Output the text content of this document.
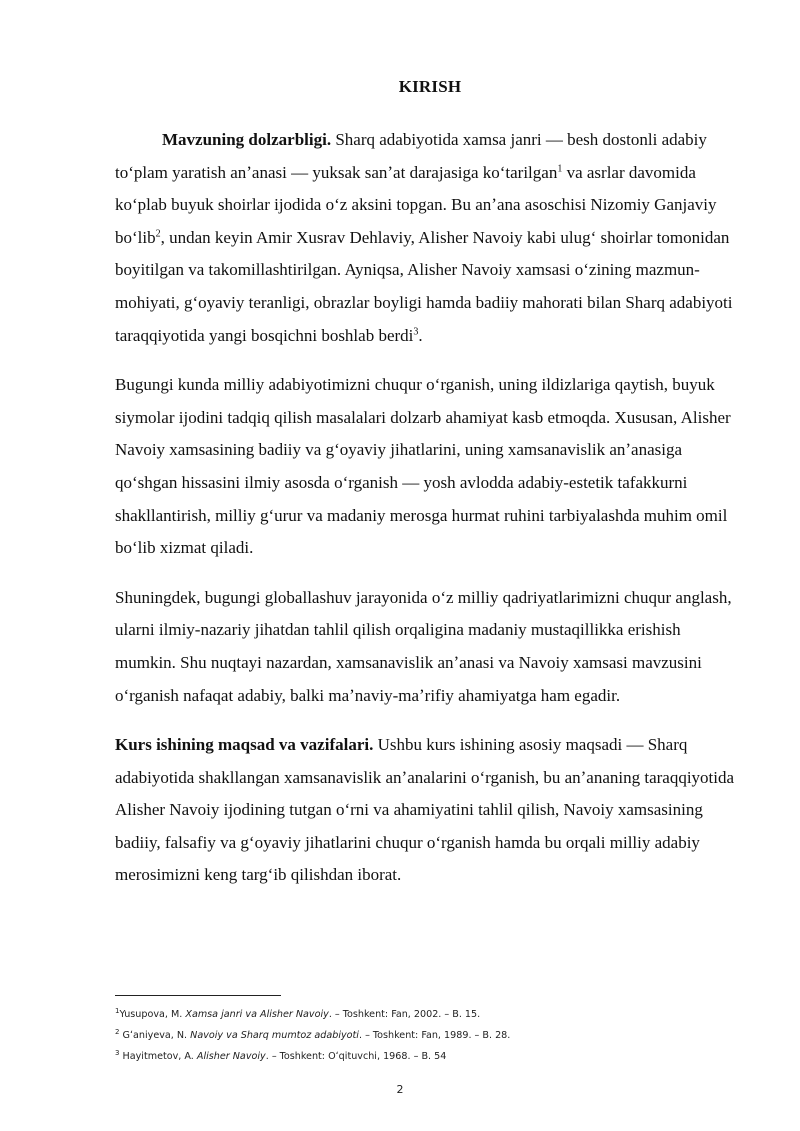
KIRISH

Mavzuning dolzarbligi. Sharq adabiyotida xamsa janri — besh dostonli adabiy toʻplam yaratish anʼanasi — yuksak sanʼat darajasiga koʻtarilgan$^1$ va asrlar davomida koʻplab buyuk shoirlar ijodida oʻz aksini topgan. Bu anʼana asoschisi Nizomiy Ganjaviy boʻlib$^2$, undan keyin Amir Xusrav Dehlaviy, Alisher Navoiy kabi ulugʻ shoirlar tomonidan boyitilgan va takomillashtirilgan. Ayniqsa, Alisher Navoiy xamsasi oʻzining mazmun-mohiyati, gʻoyaviy teranligi, obrazlar boyligi hamda badiiy mahorati bilan Sharq adabiyoti taraqqiyotida yangi bosqichni boshlab berdi$^3$.

Bugungi kunda milliy adabiyotimizni chuqur oʻrganish, uning ildizlariga qaytish, buyuk siymolar ijodini tadqiq qilish masalalari dolzarb ahamiyat kasb etmoqda. Xususan, Alisher Navoiy xamsasining badiiy va gʻoyaviy jihatlarini, uning xamsanavislik anʼanasiga qoʻshgan hissasini ilmiy asosda oʻrganish — yosh avlodda adabiy-estetik tafakkurni shakllantirish, milliy gʻurur va madaniy merosga hurmat ruhini tarbiyalashda muhim omil boʻlib xizmat qiladi.

Shuningdek, bugungi globallashuv jarayonida oʻz milliy qadriyatlarimizni chuqur anglash, ularni ilmiy-nazariy jihatdan tahlil qilish orqaligina madaniy mustaqillikka erishish mumkin. Shu nuqtayi nazardan, xamsanavislik anʼanasi va Navoiy xamsasi mavzusini oʻrganish nafaqat adabiy, balki maʼnaviy-maʼrifiy ahamiyatga ham egadir.

Kurs ishining maqsad va vazifalari. Ushbu kurs ishining asosiy maqsadi — Sharq adabiyotida shakllangan xamsanavislik anʼanalarini oʻrganish, bu anʼananing taraqqiyotida Alisher Navoiy ijodining tutgan oʻrni va ahamiyatini tahlil qilish, Navoiy xamsasining badiiy, falsafiy va gʻoyaviy jihatlarini chuqur oʻrganish hamda bu orqali milliy adabiy merosimizni keng targʻib qilishdan iborat.

$^1$Yusupova, M. Xamsa janri va Alisher Navoiy. – Toshkent: Fan, 2002. – B. 15.
$^2$ Gʻaniyeva, N. Navoiy va Sharq mumtoz adabiyoti. – Toshkent: Fan, 1989. – B. 28.
$^3$ Hayitmetov, A. Alisher Navoiy. – Toshkent: Oʻqituvchi, 1968. – B. 54
2
